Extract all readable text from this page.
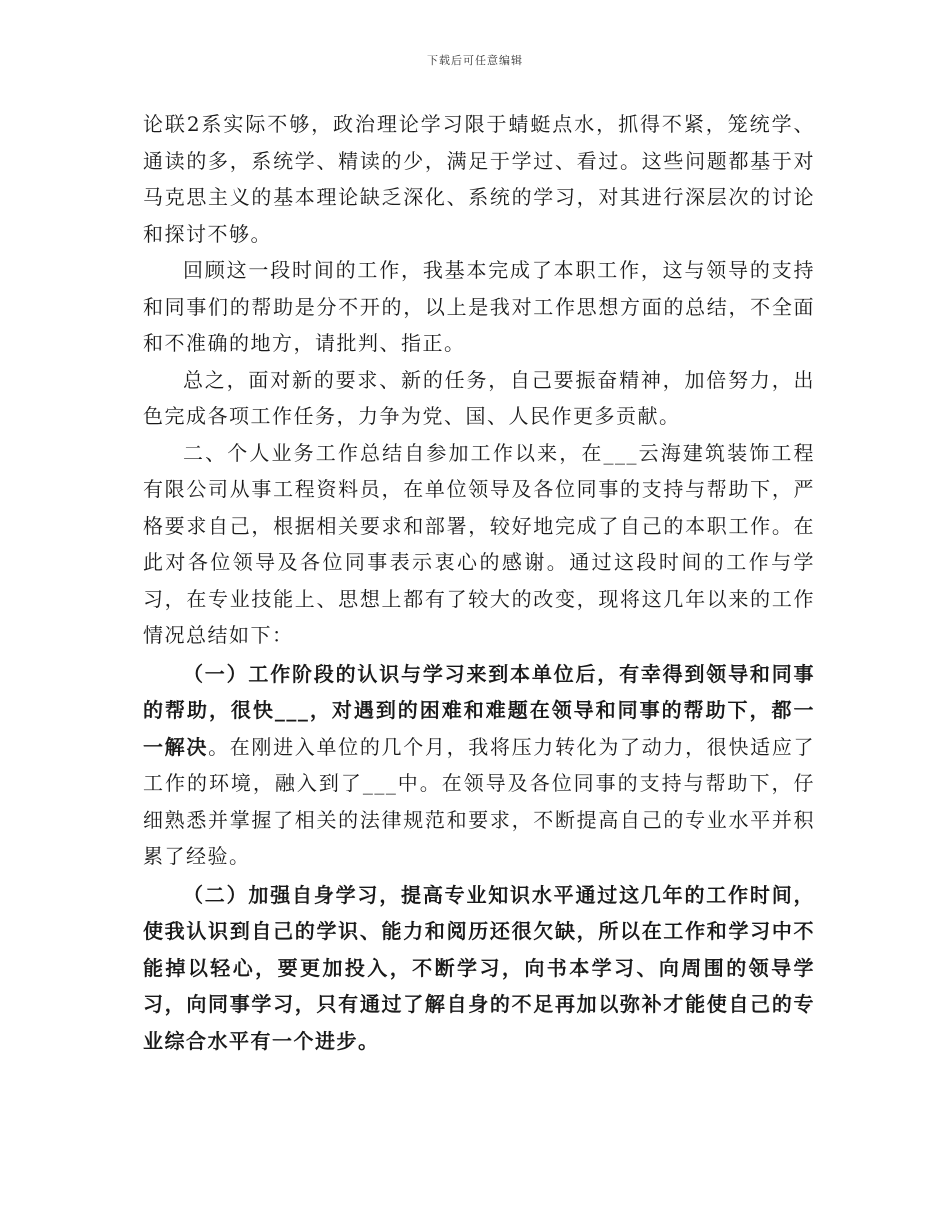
下载后可任意编辑

论联2系实际不够，政治理论学习限于蜻蜓点水，抓得不紧，笼统学、通读的多，系统学、精读的少，满足于学过、看过。这些问题都基于对马克思主义的基本理论缺乏深化、系统的学习，对其进行深层次的讨论和探讨不够。

回顾这一段时间的工作，我基本完成了本职工作，这与领导的支持和同事们的帮助是分不开的，以上是我对工作思想方面的总结，不全面和不准确的地方，请批判、指正。

总之，面对新的要求、新的任务，自己要振奋精神，加倍努力，出色完成各项工作任务，力争为党、国、人民作更多贡献。

二、个人业务工作总结自参加工作以来，在___云海建筑装饰工程有限公司从事工程资料员，在单位领导及各位同事的支持与帮助下，严格要求自己，根据相关要求和部署，较好地完成了自己的本职工作。在此对各位领导及各位同事表示衷心的感谢。通过这段时间的工作与学习，在专业技能上、思想上都有了较大的改变，现将这几年以来的工作情况总结如下：

（一）工作阶段的认识与学习来到本单位后，有幸得到领导和同事的帮助，很快___，对遇到的困难和难题在领导和同事的帮助下，都一一解决。在刚进入单位的几个月，我将压力转化为了动力，很快适应了工作的环境，融入到了___中。在领导及各位同事的支持与帮助下，仔细熟悉并掌握了相关的法律规范和要求，不断提高自己的专业水平并积累了经验。

（二）加强自身学习，提高专业知识水平通过这几年的工作时间，使我认识到自己的学识、能力和阅历还很欠缺，所以在工作和学习中不能掉以轻心，要更加投入，不断学习，向书本学习、向周围的领导学习，向同事学习，只有通过了解自身的不足再加以弥补才能使自己的专业综合水平有一个进步。
